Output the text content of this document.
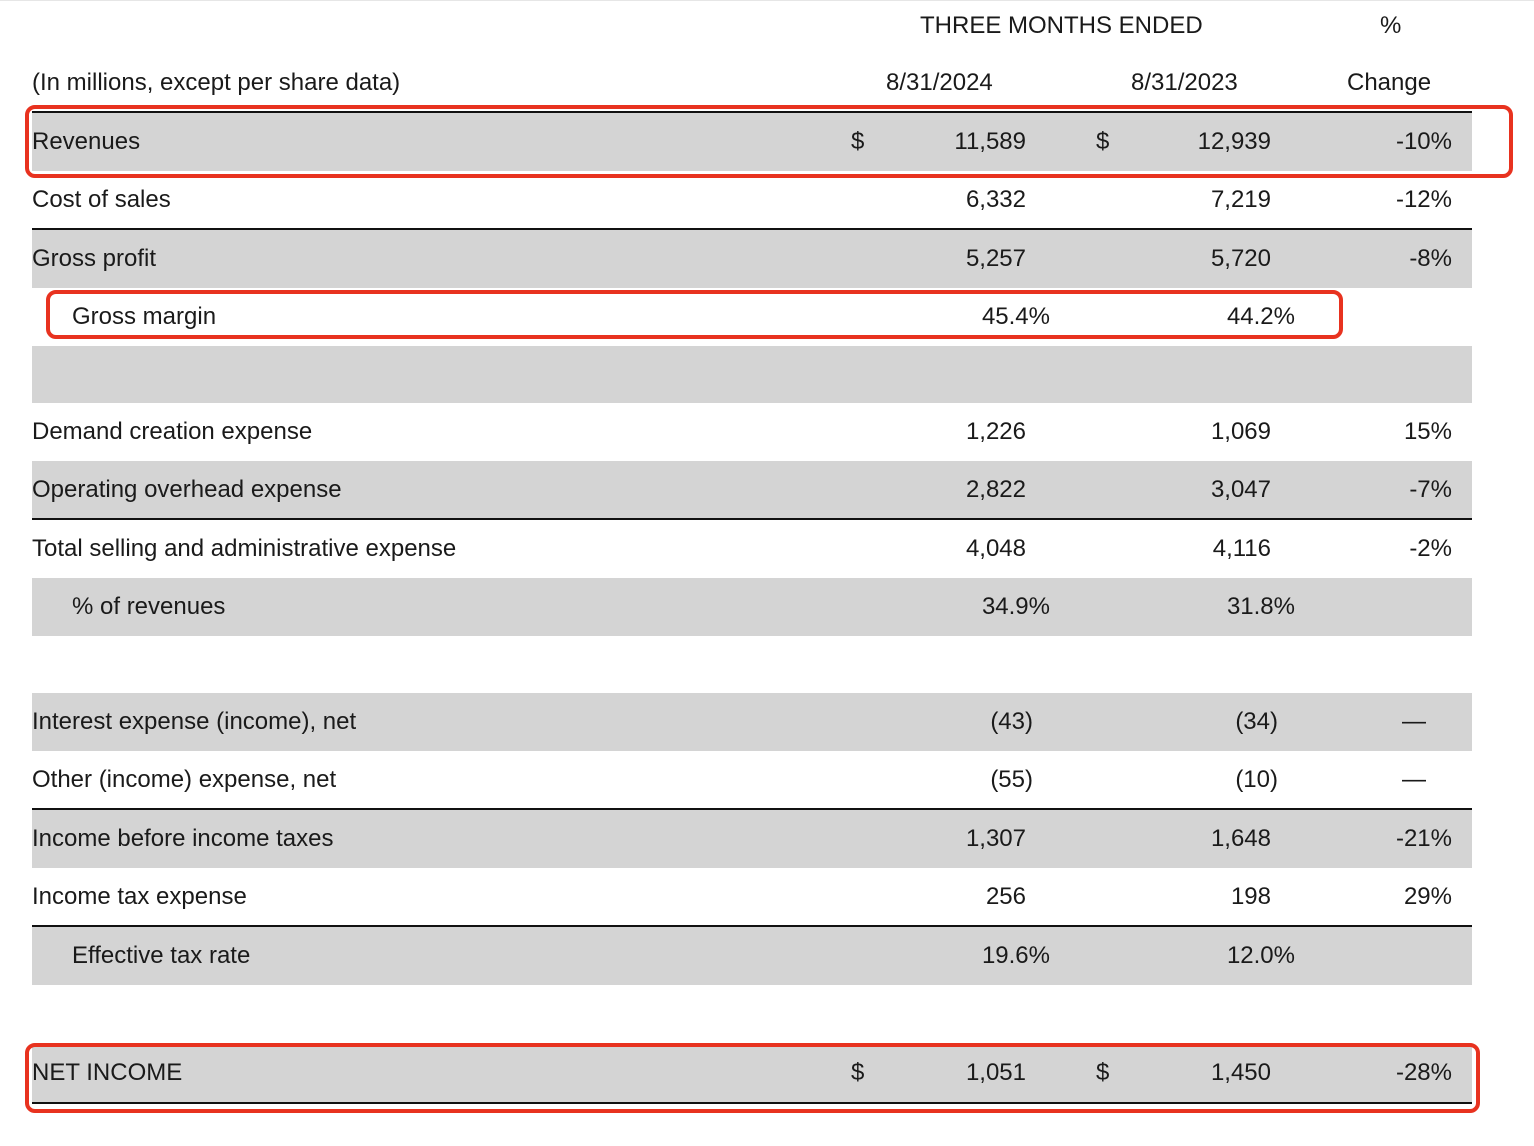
THREE MONTHS ENDED	%
(In millions, except per share data)	8/31/2024	8/31/2023	Change
Revenues	$	11,589	$	12,939	-10%
Cost of sales	6,332	7,219	-12%
Gross profit	5,257	5,720	-8%
Gross margin	45.4%	44.2%
Demand creation expense	1,226	1,069	15%
Operating overhead expense	2,822	3,047	-7%
Total selling and administrative expense	4,048	4,116	-2%
% of revenues	34.9%	31.8%
Interest expense (income), net	(43)	(34)	—
Other (income) expense, net	(55)	(10)	—
Income before income taxes	1,307	1,648	-21%
Income tax expense	256	198	29%
Effective tax rate	19.6%	12.0%
NET INCOME	$	1,051	$	1,450	-28%
